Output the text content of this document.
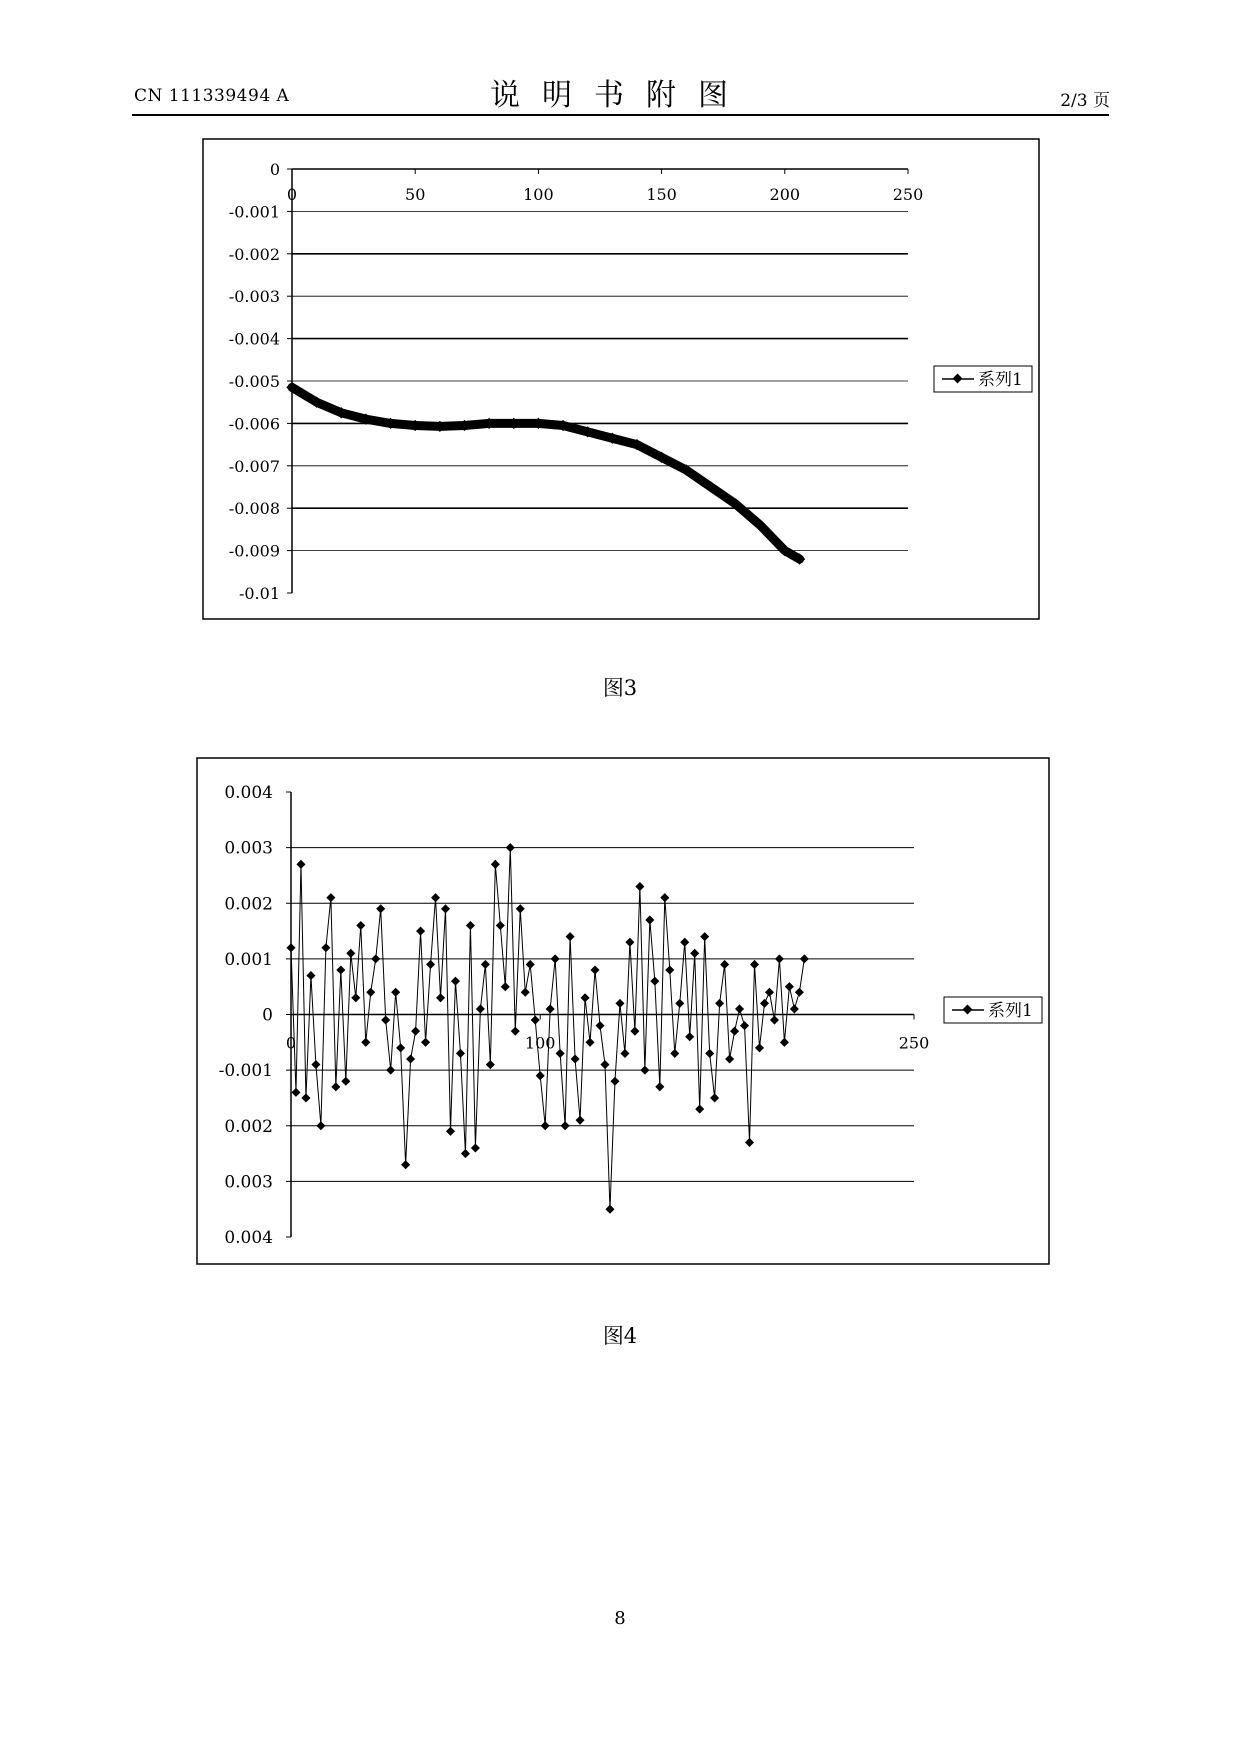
CN 111339494 A	说明书附图	2/3 页
0
-0.001
-0.002
-0.003
-0.004
-0.005
-0.006
-0.007
-0.008
-0.009
-0.01
0	50	100	150	200	250
系列1
图3
0.004
0.003
0.002
0.001
0
-0.001
0.002
0.003
0.004
0	100	250
系列1
图4
8
